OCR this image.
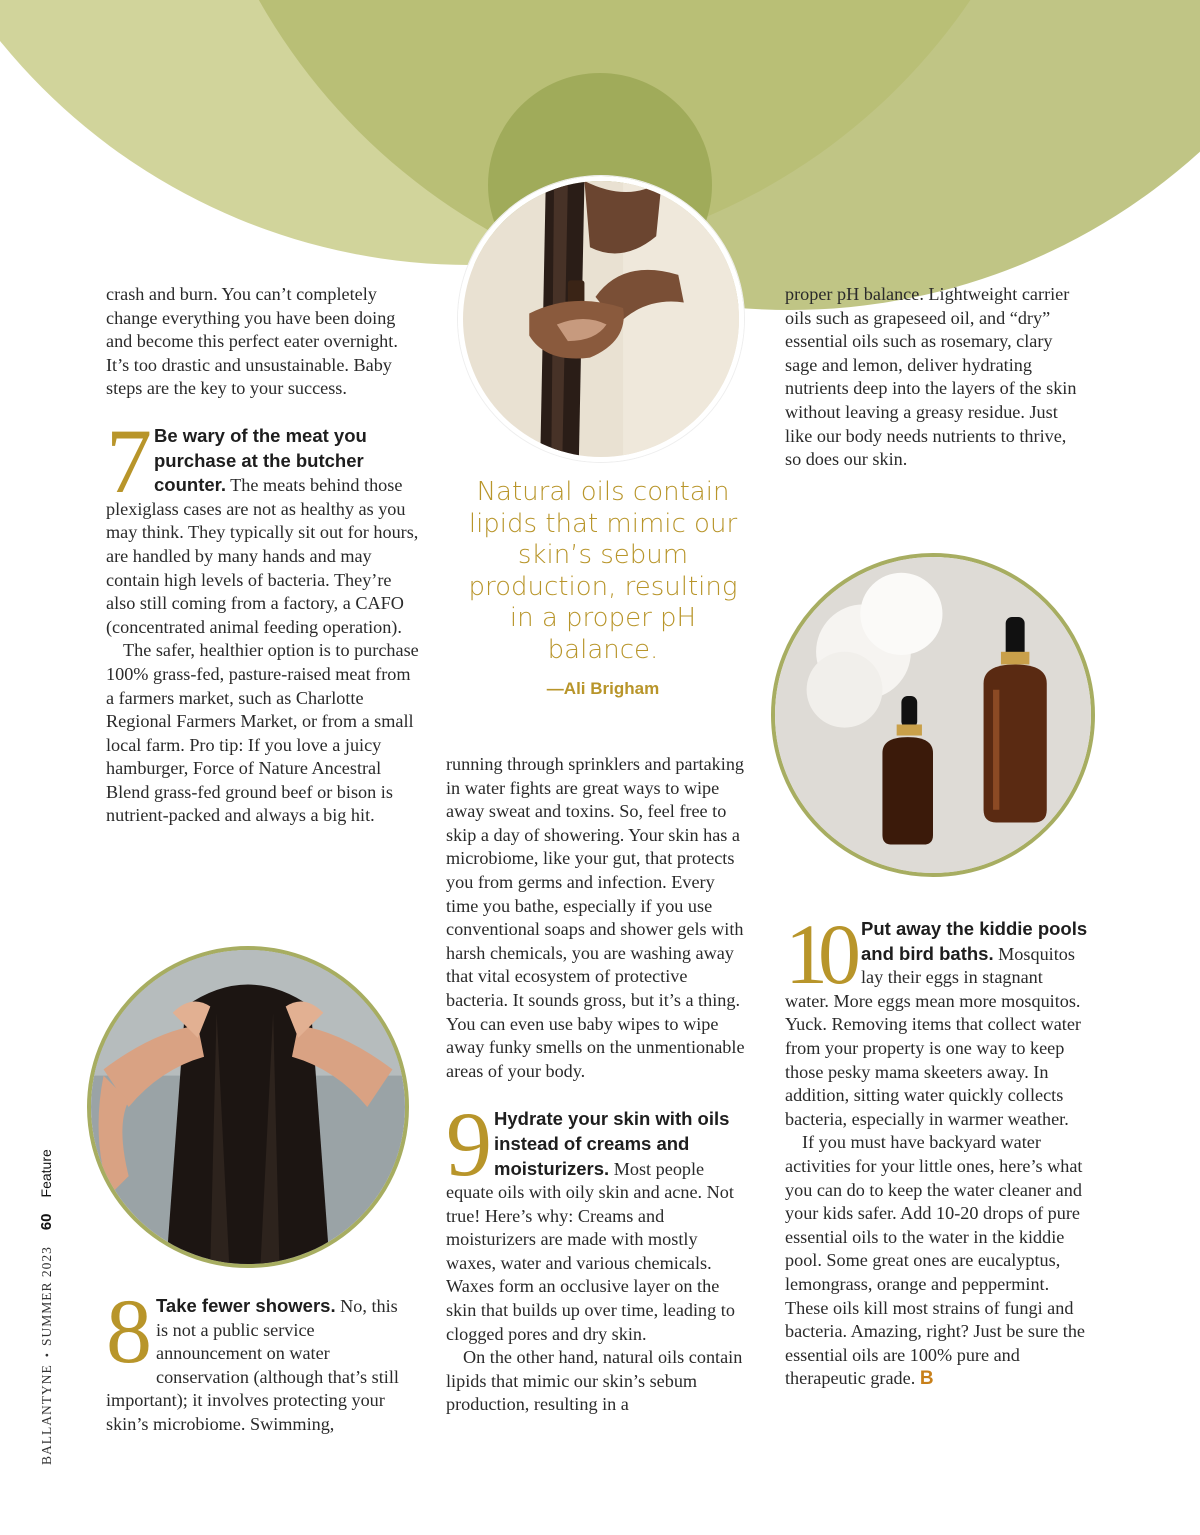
BALLANTYNE•SUMMER 202360Feature

crash and burn. You can’t completely change everything you have been doing and become this perfect eater overnight. It’s too drastic and unsustainable. Baby steps are the key to your success.

7 Be wary of the meat you purchase at the butcher counter. The meats behind those plexiglass cases are not as healthy as you may think. They typically sit out for hours, are handled by many hands and may contain high levels of bacteria. They’re also still coming from a factory, a CAFO (concentrated animal feeding operation).

The safer, healthier option is to purchase 100% grass-fed, pasture-raised meat from a farmers market, such as Charlotte Regional Farmers Market, or from a small local farm. Pro tip: If you love a juicy hamburger, Force of Nature Ancestral Blend grass-fed ground beef or bison is nutrient-packed and always a big hit.

8 Take fewer showers. No, this is not a public service announcement on water conservation (although that’s still important); it involves protecting your skin’s microbiome. Swimming,

Natural oils contain lipids that mimic our skin’s sebum production, resulting in a proper pH balance.
—Ali Brigham

running through sprinklers and partaking in water fights are great ways to wipe away sweat and toxins. So, feel free to skip a day of showering. Your skin has a microbiome, like your gut, that protects you from germs and infection. Every time you bathe, especially if you use conventional soaps and shower gels with harsh chemicals, you are washing away that vital ecosystem of protective bacteria. It sounds gross, but it’s a thing. You can even use baby wipes to wipe away funky smells on the unmentionable areas of your body.

9 Hydrate your skin with oils instead of creams and moisturizers. Most people equate oils with oily skin and acne. Not true! Here’s why: Creams and moisturizers are made with mostly waxes, water and various chemicals. Waxes form an occlusive layer on the skin that builds up over time, leading to clogged pores and dry skin.

On the other hand, natural oils contain lipids that mimic our skin’s sebum production, resulting in a

proper pH balance. Lightweight carrier oils such as grapeseed oil, and “dry” essential oils such as rosemary, clary sage and lemon, deliver hydrating nutrients deep into the layers of the skin without leaving a greasy residue. Just like our body needs nutrients to thrive, so does our skin.

10 Put away the kiddie pools and bird baths. Mosquitos lay their eggs in stagnant water. More eggs mean more mosquitos. Yuck. Removing items that collect water from your property is one way to keep those pesky mama skeeters away. In addition, sitting water quickly collects bacteria, especially in warmer weather.

If you must have backyard water activities for your little ones, here’s what you can do to keep the water cleaner and your kids safer. Add 10-20 drops of pure essential oils to the water in the kiddie pool. Some great ones are eucalyptus, lemongrass, orange and peppermint. These oils kill most strains of fungi and bacteria. Amazing, right? Just be sure the essential oils are 100% pure and therapeutic grade. B
